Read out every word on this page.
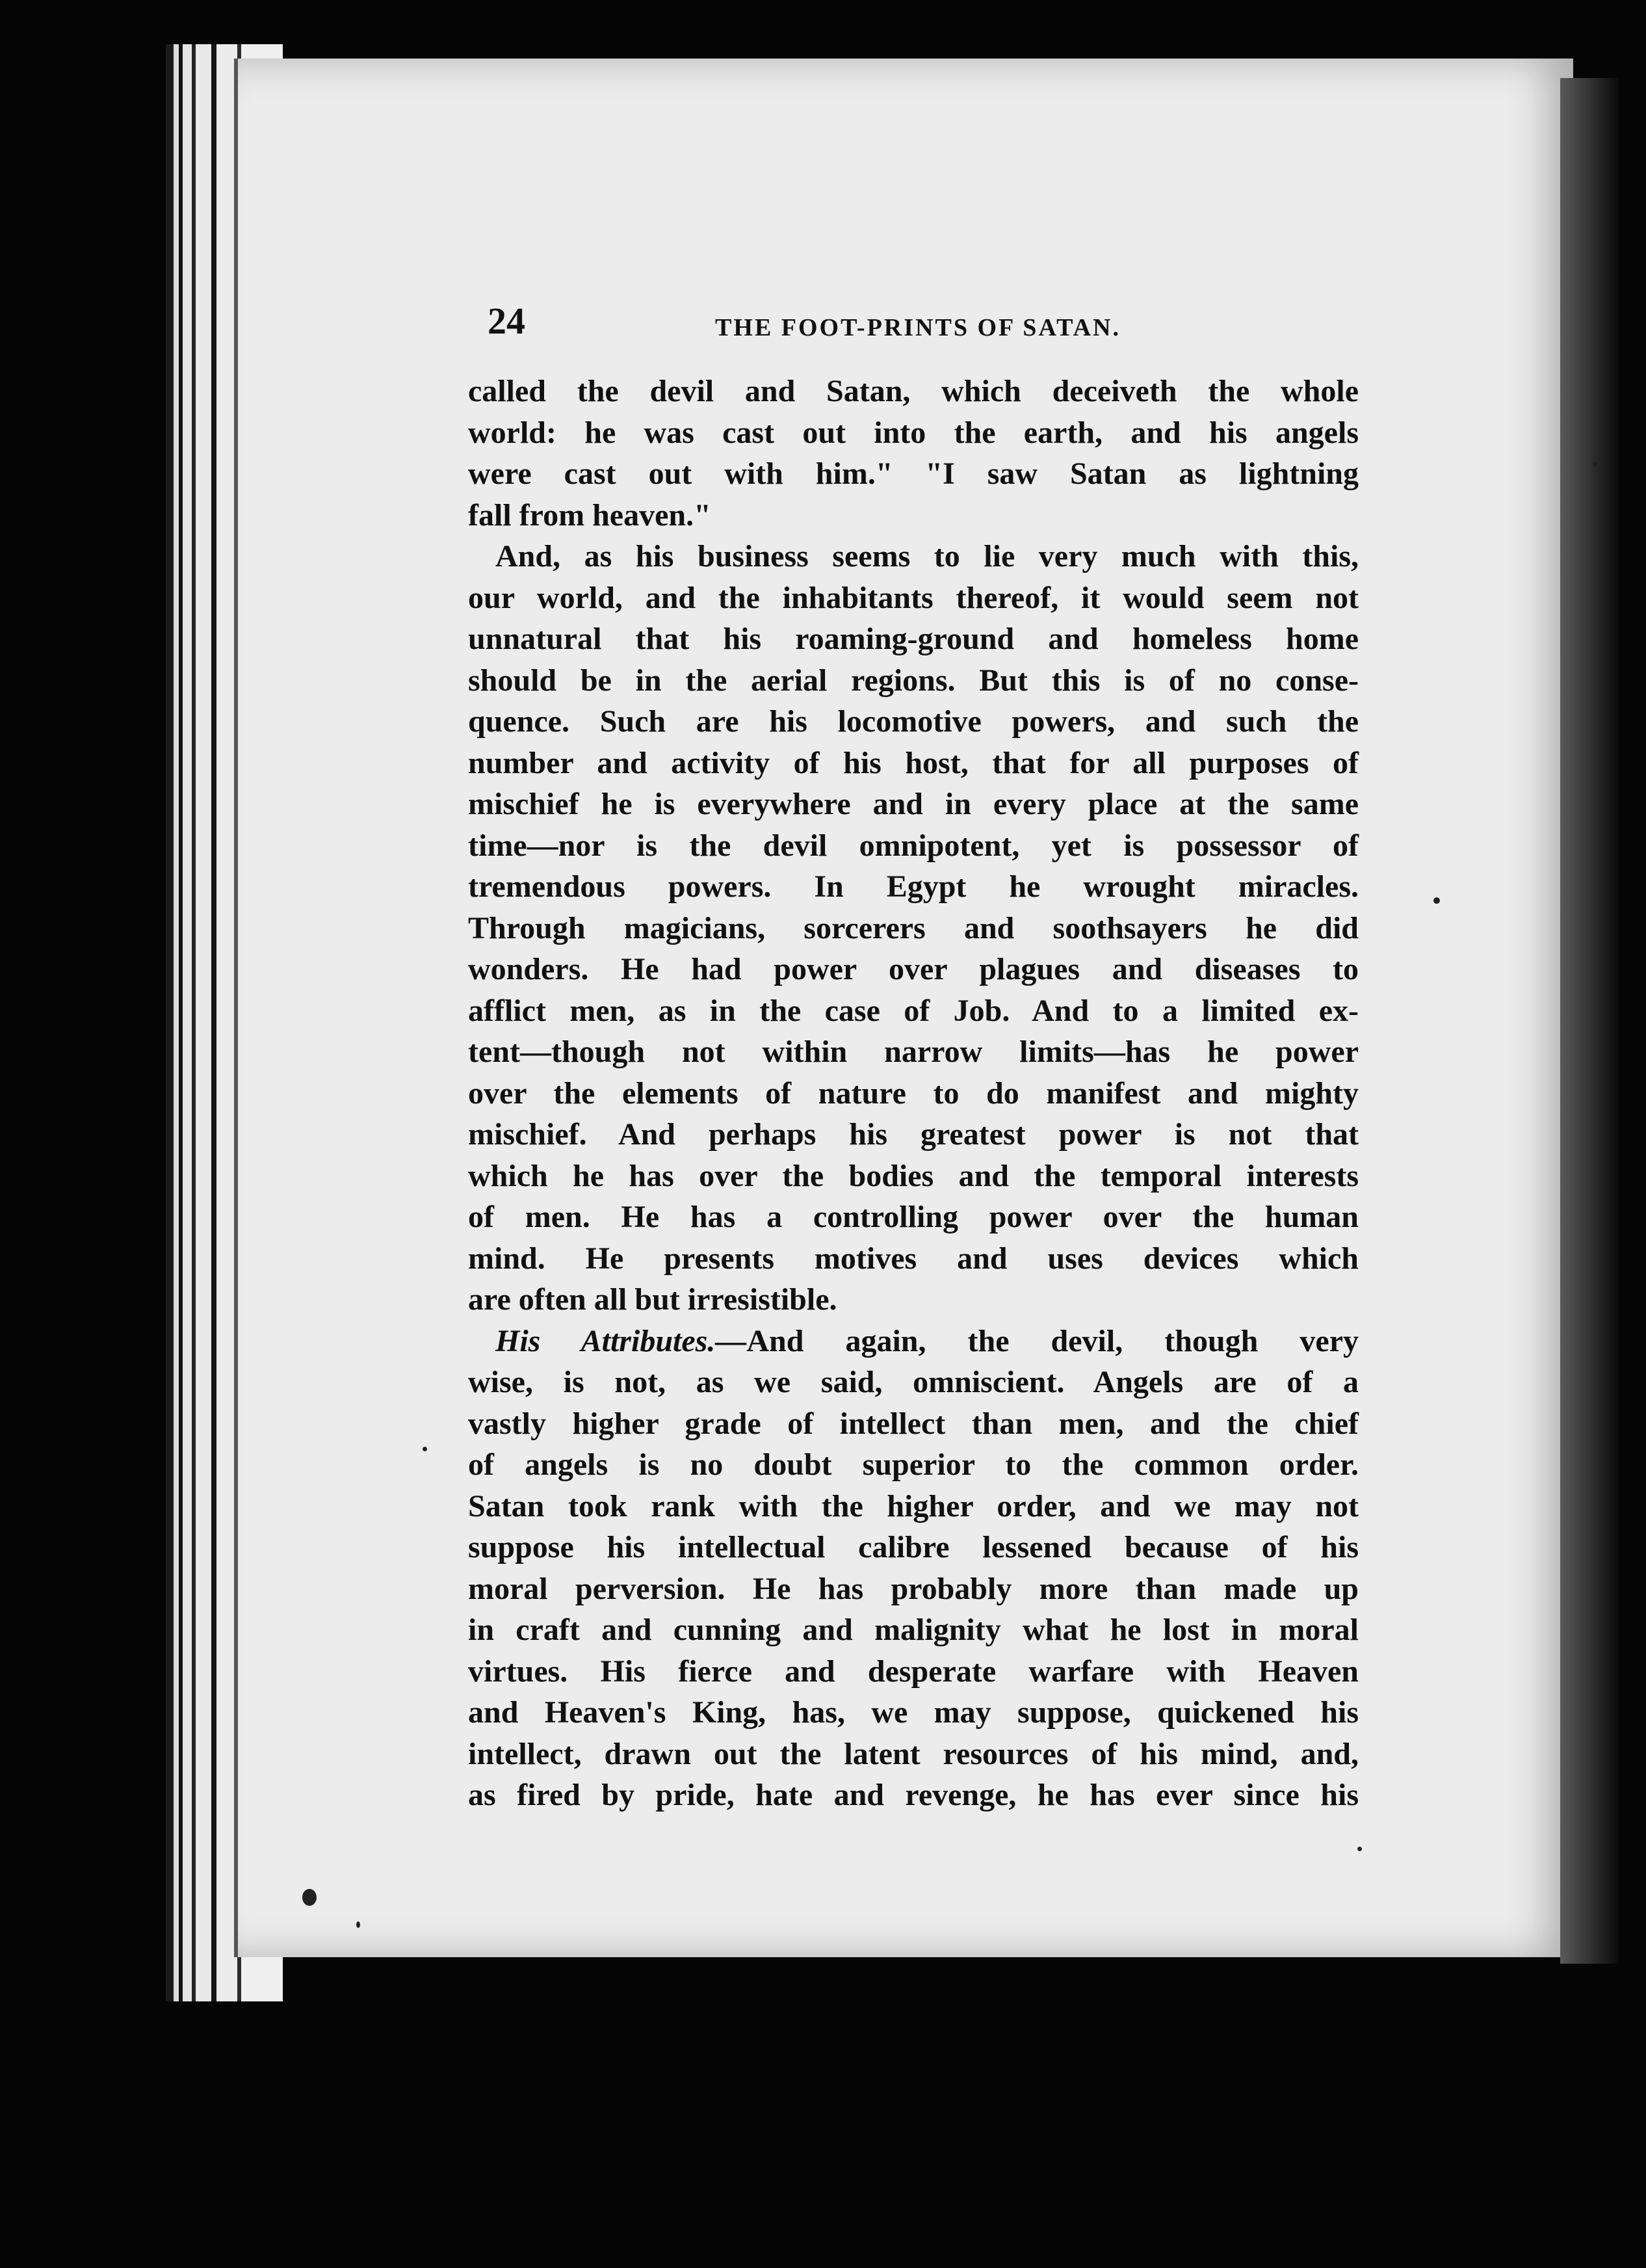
24	THE FOOT-PRINTS OF SATAN.

called the devil and Satan, which deceiveth the whole

world: he was cast out into the earth, and his angels

were cast out with him." "I saw Satan as lightning

fall from heaven."

And, as his business seems to lie very much with this,

our world, and the inhabitants thereof, it would seem not

unnatural that his roaming-ground and homeless home

should be in the aerial regions. But this is of no conse-

quence. Such are his locomotive powers, and such the

number and activity of his host, that for all purposes of

mischief he is everywhere and in every place at the same

time—nor is the devil omnipotent, yet is possessor of

tremendous powers. In Egypt he wrought miracles.

Through magicians, sorcerers and soothsayers he did

wonders. He had power over plagues and diseases to

afflict men, as in the case of Job. And to a limited ex-

tent—though not within narrow limits—has he power

over the elements of nature to do manifest and mighty

mischief. And perhaps his greatest power is not that

which he has over the bodies and the temporal interests

of men. He has a controlling power over the human

mind. He presents motives and uses devices which

are often all but irresistible.

His Attributes.—And again, the devil, though very

wise, is not, as we said, omniscient. Angels are of a

vastly higher grade of intellect than men, and the chief

of angels is no doubt superior to the common order.

Satan took rank with the higher order, and we may not

suppose his intellectual calibre lessened because of his

moral perversion. He has probably more than made up

in craft and cunning and malignity what he lost in moral

virtues. His fierce and desperate warfare with Heaven

and Heaven's King, has, we may suppose, quickened his

intellect, drawn out the latent resources of his mind, and,

as fired by pride, hate and revenge, he has ever since his
